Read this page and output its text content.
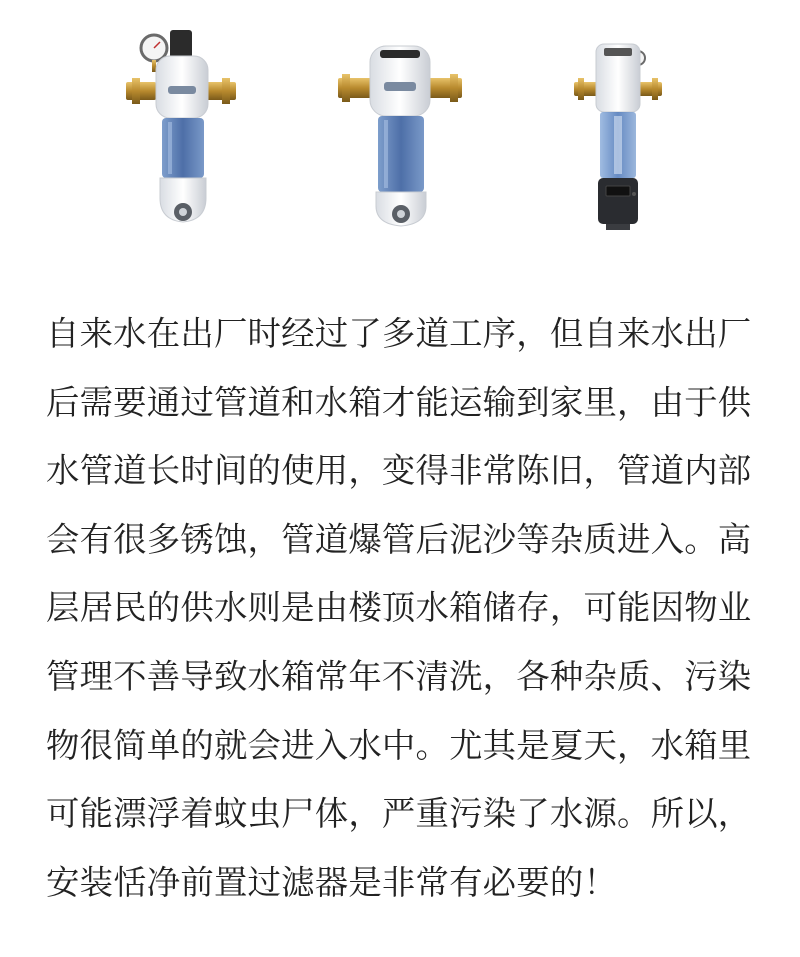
自来水在出厂时经过了多道工序，但自来水出厂后需要通过管道和水箱才能运输到家里，由于供水管道长时间的使用，变得非常陈旧，管道内部会有很多锈蚀，管道爆管后泥沙等杂质进入。高层居民的供水则是由楼顶水箱储存，可能因物业管理不善导致水箱常年不清洗，各种杂质、污染物很简单的就会进入水中。尤其是夏天，水箱里可能漂浮着蚊虫尸体，严重污染了水源。所以，安装恬净前置过滤器是非常有必要的！
